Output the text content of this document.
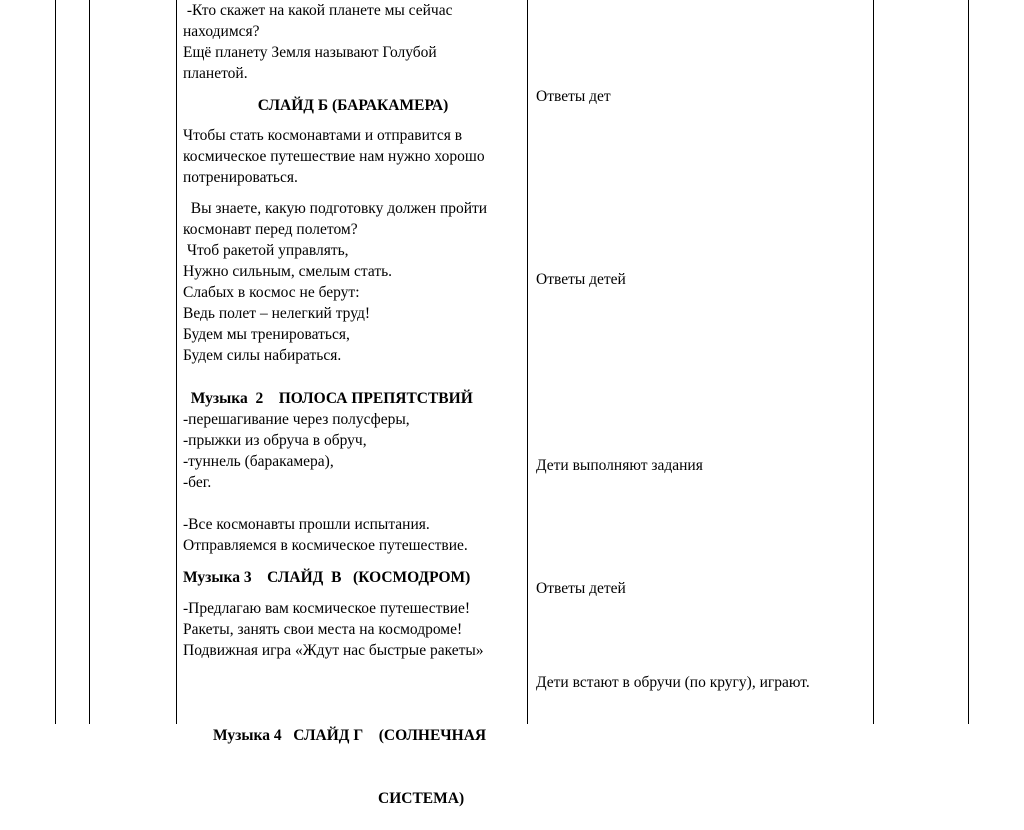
-Кто скажет на какой планете мы сейчас

находимся?

Ещё планету Земля называют Голубой

планетой.

СЛАЙД Б (БАРАКАМЕРА)

Чтобы стать космонавтами и отправится в

космическое путешествие нам нужно хорошо

потренироваться.

Вы знаете, какую подготовку должен пройти

космонавт перед полетом?

Чтоб ракетой управлять,

Нужно сильным, смелым стать.

Слабых в космос не берут:

Ведь полет – нелегкий труд!

Будем мы тренироваться,

Будем силы набираться.

Музыка  2    ПОЛОСА ПРЕПЯТСТВИЙ

-перешагивание через полусферы,

-прыжки из обруча в обруч,

-туннель (баракамера),

-бег.

-Все космонавты прошли испытания.

Отправляемся в космическое путешествие.

Музыка 3    СЛАЙД  В   (КОСМОДРОМ)

-Предлагаю вам космическое путешествие!

Ракеты, занять свои места на космодроме!

Подвижная игра «Ждут нас быстрые ракеты»

Музыка 4   СЛАЙД Г    (СОЛНЕЧНАЯ

СИСТЕМА)

Ответы дет
Ответы детей
Дети выполняют задания
Ответы детей
Дети встают в обручи (по кругу), играют.
